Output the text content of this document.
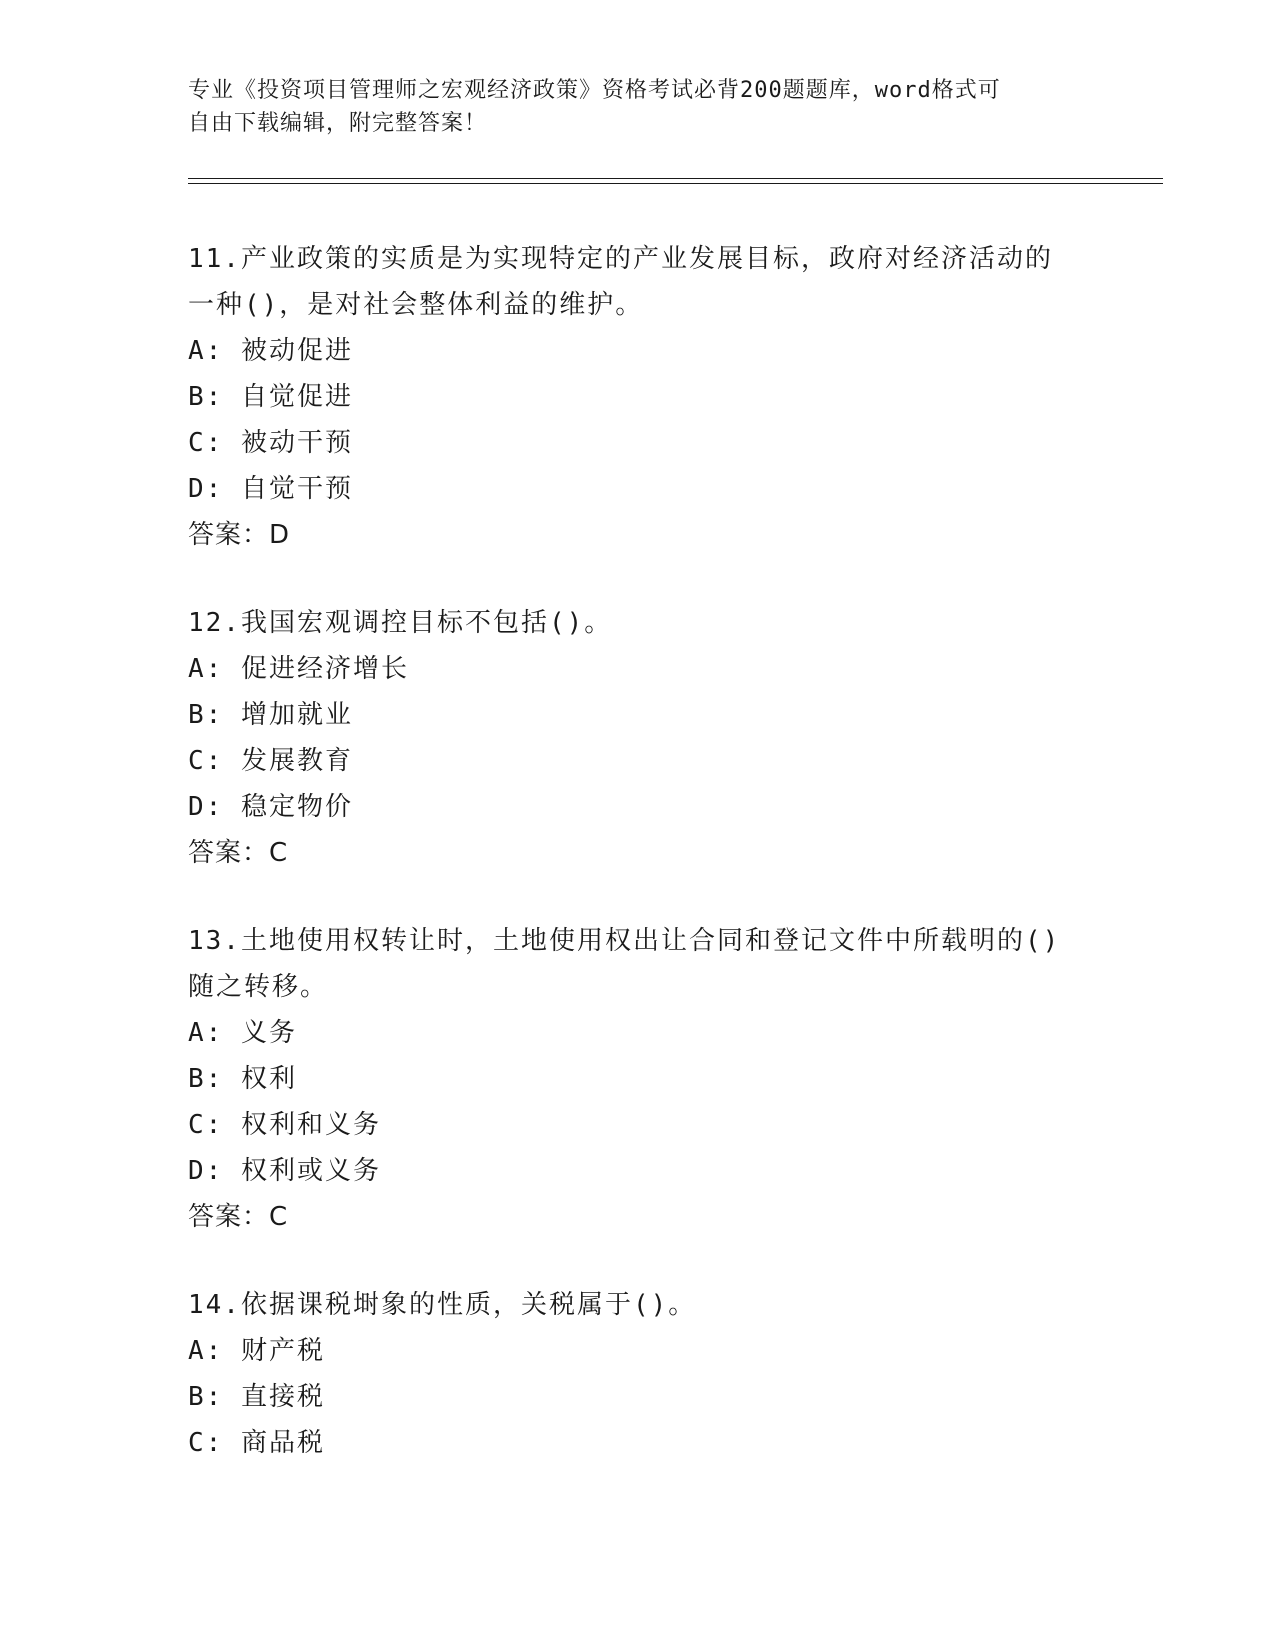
专业《投资项目管理师之宏观经济政策》资格考试必背200题题库，word格式可
自由下载编辑，附完整答案！
11.产业政策的实质是为实现特定的产业发展目标，政府对经济活动的
一种()，是对社会整体利益的维护。
A: 被动促进
B: 自觉促进
C: 被动干预
D: 自觉干预
答案：D
12.我国宏观调控目标不包括()。
A: 促进经济增长
B: 增加就业
C: 发展教育
D: 稳定物价
答案：C
13.土地使用权转让时，土地使用权出让合同和登记文件中所载明的()
随之转移。
A: 义务
B: 权利
C: 权利和义务
D: 权利或义务
答案：C
14.依据课税埘象的性质，关税属于()。
A: 财产税
B: 直接税
C: 商品税
